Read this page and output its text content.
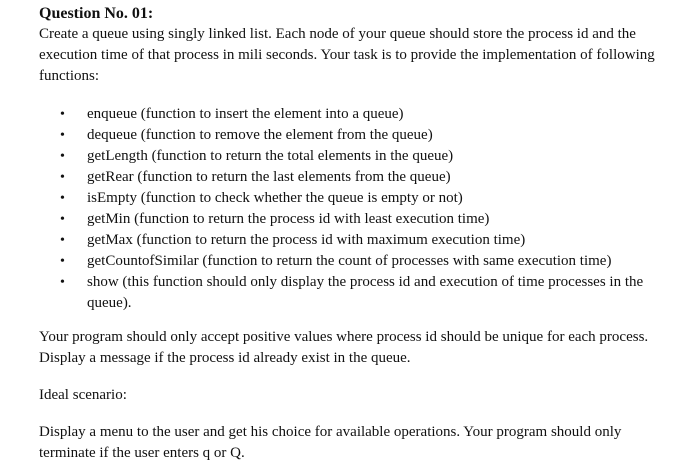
Question No. 01:

Create a queue using singly linked list. Each node of your queue should store the process id and the execution time of that process in mili seconds. Your task is to provide the implementation of following functions:

• enqueue (function to insert the element into a queue)
• dequeue (function to remove the element from the queue)
• getLength (function to return the total elements in the queue)
• getRear (function to return the last elements from the queue)
• isEmpty (function to check whether the queue is empty or not)
• getMin (function to return the process id with least execution time)
• getMax (function to return the process id with maximum execution time)
• getCountofSimilar (function to return the count of processes with same execution time)
• show (this function should only display the process id and execution of time processes in the queue).

Your program should only accept positive values where process id should be unique for each process. Display a message if the process id already exist in the queue.

Ideal scenario:

Display a menu to the user and get his choice for available operations. Your program should only terminate if the user enters q or Q.
